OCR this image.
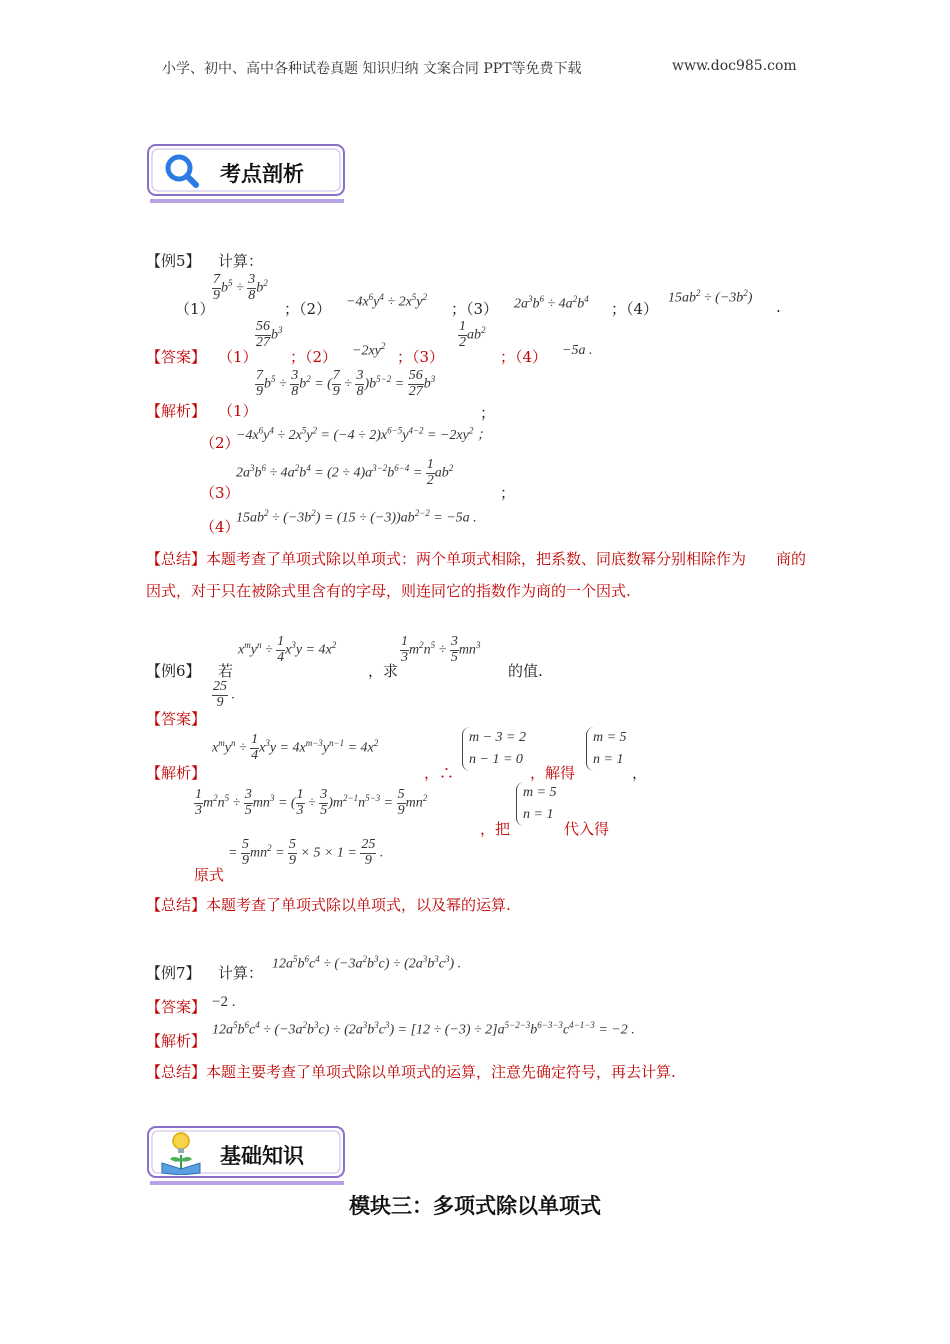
小学、初中、高中各种试卷真题 知识归纳 文案合同 PPT等免费下载	www.doc985.com
考点剖析
【例5】 计算：
（1）
$\frac{7}{9} b^5 \div \frac{3}{8} b^2$
；$(2) -4x^6y^4 \div 2x^5y^2$
；（3） $2a^3b^6 \div 4a^2b^4$
；（4）
$15ab^2 \div (-3b^2)$ .
【答案】 （1）
$\frac{56}{27} b^3$
；$(2) -2xy^2$
；（3）
$\frac{1}{2} ab^2$
；（4） −5a .
【解析】 （1）
$\frac{7}{9} b^5 \div \frac{3}{8} b^2$ = ( $\frac{7}{9} \div \frac{3}{8} )b^{5-2} = \frac{56}{27} b^3$
；
（2）
$-4x^6y^4 \div 2x^5y^2 = (-4 \div 2)x^{6-5}y^{4-2} = -2xy^2$ ；
$2a^3b^6 \div 4a^2b^4 = (2 \div 4)a^{3-2}b^{6-4} = \frac{1}{2} ab^2$
（3）	；
（4）
$15ab^2 \div (-3b^2) = (15 \div (-3))ab^{2-2} = -5a$ .
【总结】本题考查了单项式除以单项式：两个单项式相除，把系数、同底数幂分别相除作为　　商的因式，对于只在被除式里含有的字母，则连同它的指数作为商的一个因式.
【例6】 若
$x^my^n \div \frac{1}{4} x^3y = 4x^2$
，求
$\frac{1}{3} m^2n^5 \div \frac{3}{5} mn^3$
的值.
【答案】
$\frac{25}{9}$ .
【解析】
$x^my^n \div \frac{1}{4} x^3y = 4x^{m-3}y^{n-1} = 4x^2$
，∴
m − 3 = 2
n − 1 = 0
，解得
m = 5
n = 1
，
$\frac{1}{3} m^2n^5 \div \frac{3}{5} mn^3$ = ( $\frac{1}{3} \div \frac{3}{5} )m^{2-1}n^{5-3} = \frac{5}{9} mn^2$
，把
m = 5
n = 1
代入得
原式
= $\frac{5}{9} mn^2 = \frac{5}{9} \times 5 \times 1 = \frac{25}{9}$ .
【总结】本题考查了单项式除以单项式，以及幂的运算.
【例7】 计算： $12a^5b^6c^4 \div (-3a^2b^3c) \div (2a^3b^3c^3)$ .
【答案】 −2 .
【解析】
$12a^5b^6c^4 \div (-3a^2b^3c) \div (2a^3b^3c^3) = [12 \div (-3) \div 2]a^{5-2-3}b^{6-3-3}c^{4-1-3} = -2$ .
【总结】本题主要考查了单项式除以单项式的运算，注意先确定符号，再去计算.
基础知识
模块三：多项式除以单项式
